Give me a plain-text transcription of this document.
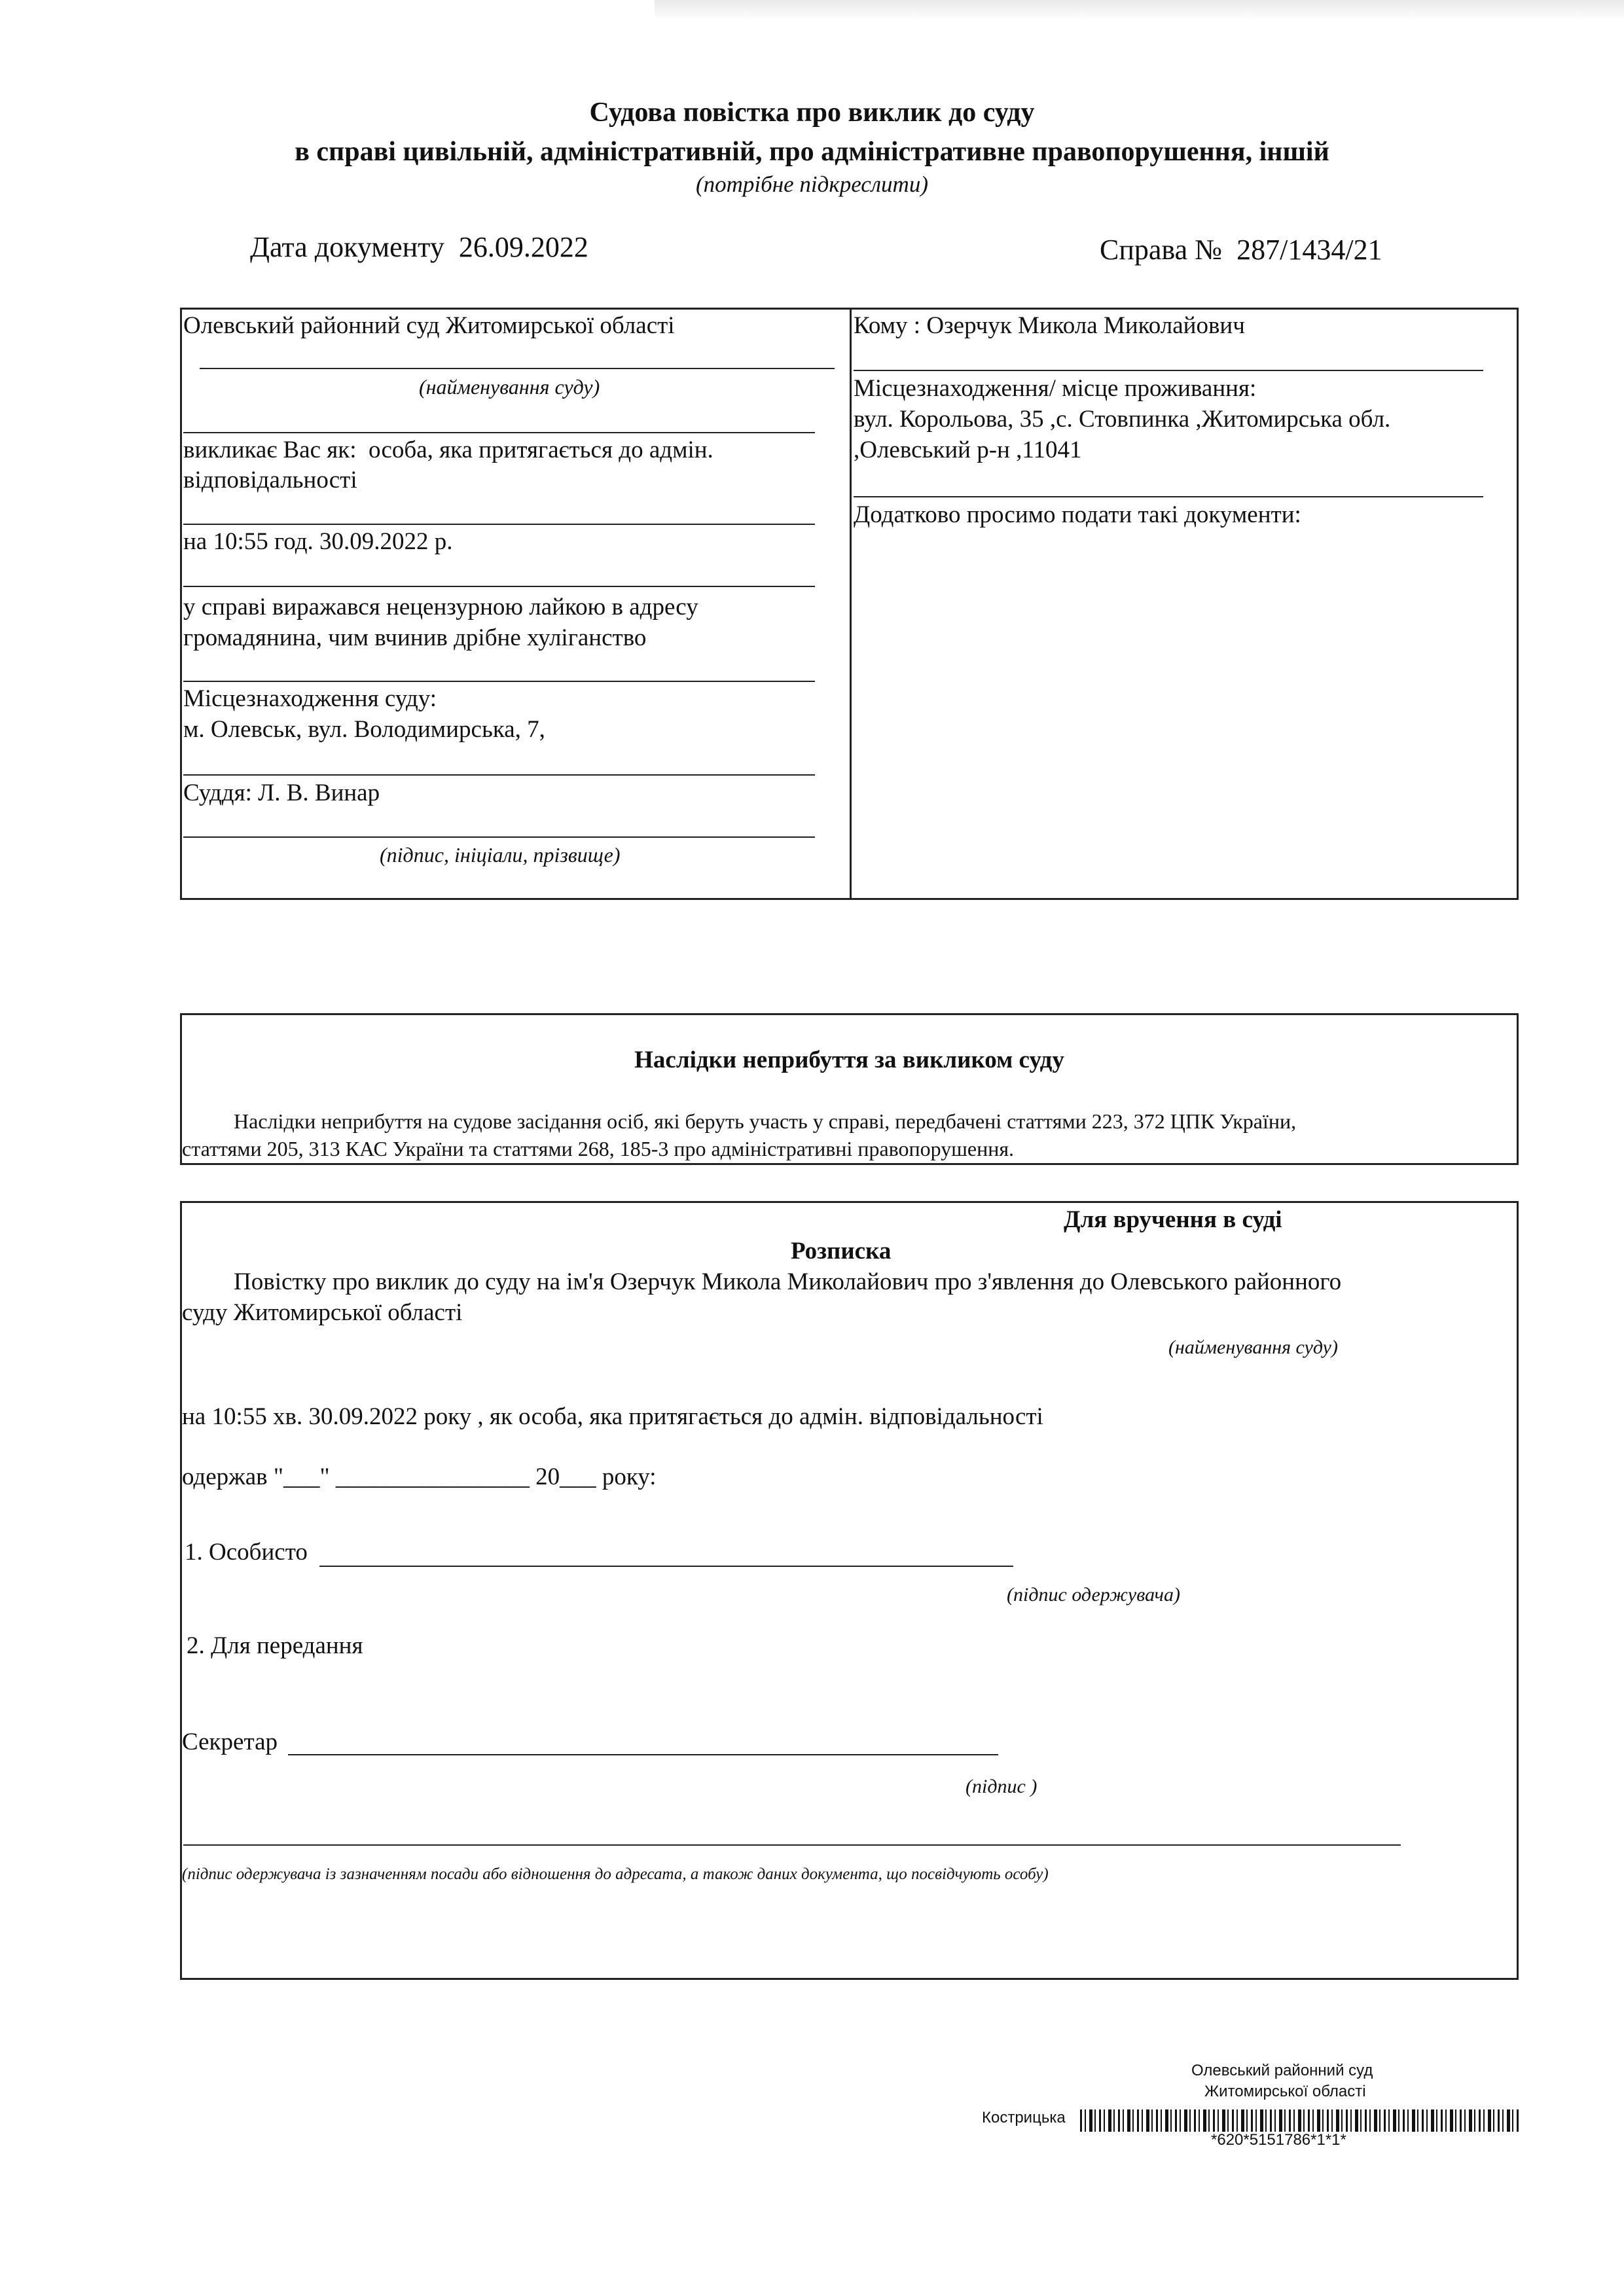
Судова повістка про виклик до суду
в справі цивільній, адміністративній, про адміністративне правопорушення, іншій
(потрібне підкреслити)
Дата документу 26.09.2022	Справа № 287/1434/21
Олевський районний суд Житомирської області
(найменування суду)
викликає Вас як: особа, яка притягається до адмін.
відповідальності
на 10:55 год. 30.09.2022 р.
у справі виражався нецензурною лайкою в адресу
громадянина, чим вчинив дрібне хуліганство
Місцезнаходження суду:
м. Олевськ, вул. Володимирська, 7,
Суддя: Л. В. Винар
(підпис, ініціали, прізвище)
Кому : Озерчук Микола Миколайович
Місцезнаходження/ місце проживання:
вул. Корольова, 35 ,с. Стовпинка ,Житомирська обл.
,Олевський р-н ,11041
Додатково просимо подати такі документи:
Наслідки неприбуття за викликом суду
Наслідки неприбуття на судове засідання осіб, які беруть участь у справі, передбачені статтями 223, 372 ЦПК України,
статтями 205, 313 КАС України та статтями 268, 185-3 про адміністративні правопорушення.
Для вручення в суді
Розписка
Повістку про виклик до суду на ім'я Озерчук Микола Миколайович про з'явлення до Олевського районного
суду Житомирської області
(найменування суду)
на 10:55 хв. 30.09.2022 року , як особа, яка притягається до адмін. відповідальності
одержав "___" ________________ 20___ року:
1. Особисто
(підпис одержувача)
2. Для передання
Секретар
(підпис )
(підпис одержувача із зазначенням посади або відношення до адресата, а також даних документа, що посвідчують особу)
Олевський районний суд
Житомирської області
Кострицька
*620*5151786*1*1*
